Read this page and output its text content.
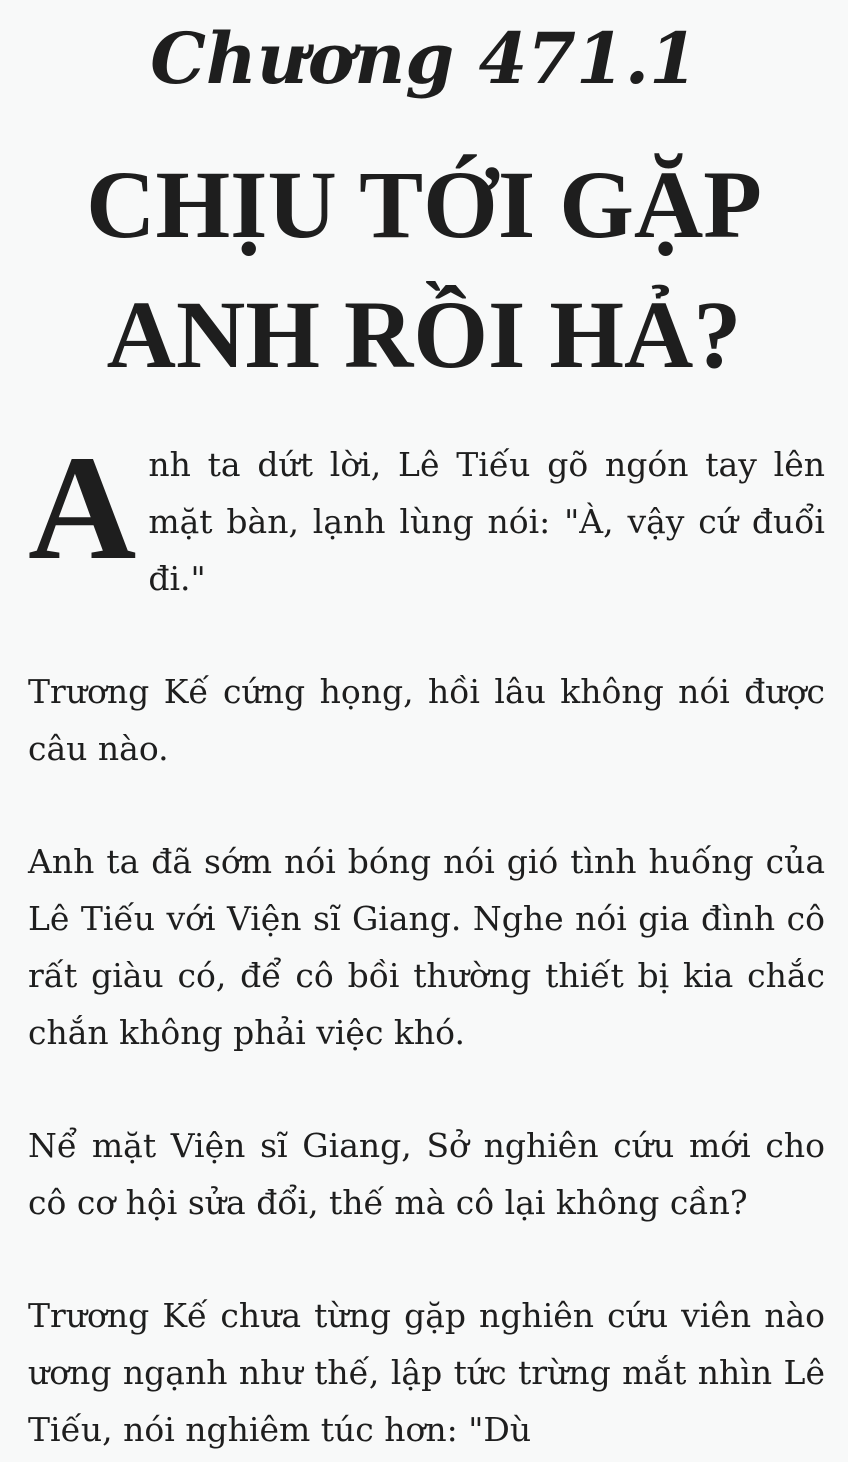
Chương 471.1
CHỊU TỚI GẶP
ANH RỒI HẢ?

Anh ta dứt lời, Lê Tiếu gõ ngón tay lên mặt bàn, lạnh lùng nói: "À, vậy cứ đuổi đi."

Trương Kế cứng họng, hồi lâu không nói được câu nào.

Anh ta đã sớm nói bóng nói gió tình huống của Lê Tiếu với Viện sĩ Giang. Nghe nói gia đình cô rất giàu có, để cô bồi thường thiết bị kia chắc chắn không phải việc khó.

Nể mặt Viện sĩ Giang, Sở nghiên cứu mới cho cô cơ hội sửa đổi, thế mà cô lại không cần?

Trương Kế chưa từng gặp nghiên cứu viên nào ương ngạnh như thế, lập tức trừng mắt nhìn Lê Tiếu, nói nghiêm túc hơn: "Dù
